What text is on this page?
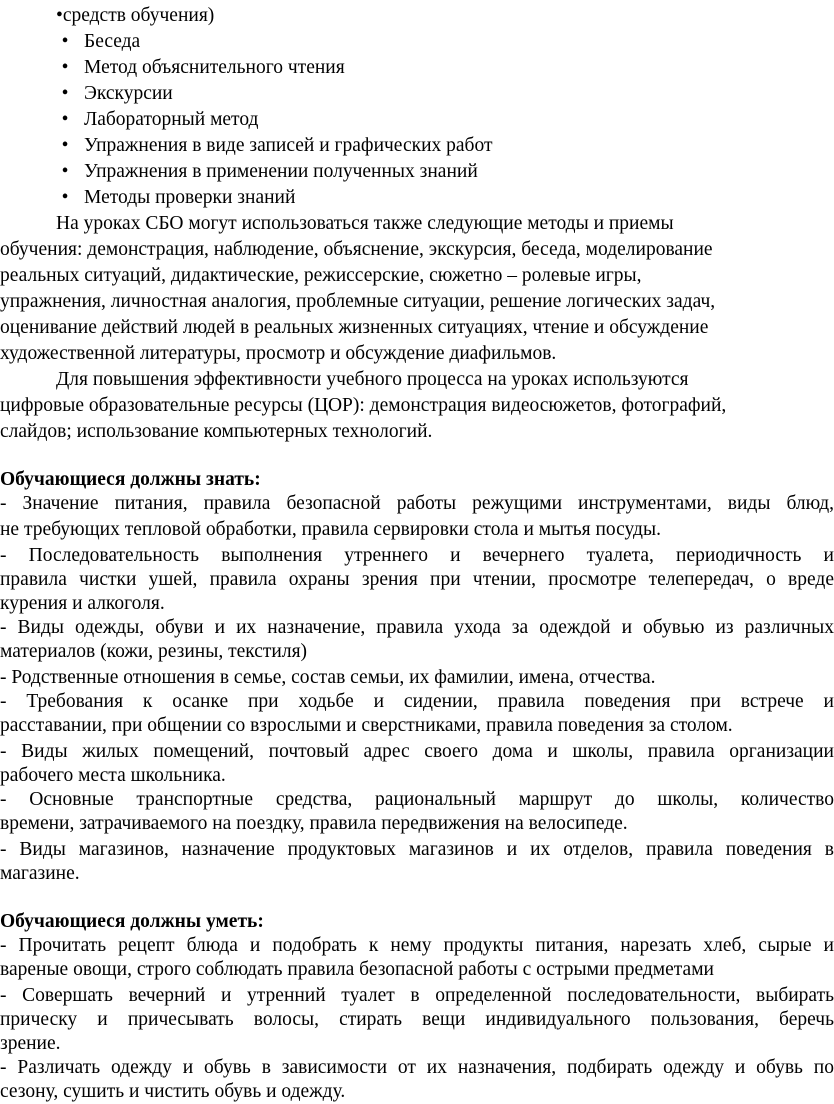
•средств обучения)
• Беседа
• Метод объяснительного чтения
• Экскурсии
• Лабораторный метод
• Упражнения в виде записей и графических работ
• Упражнения в применении полученных знаний
• Методы проверки знаний
На уроках СБО могут использоваться также следующие методы и приемы
обучения: демонстрация, наблюдение, объяснение, экскурсия, беседа, моделирование
реальных ситуаций, дидактические, режиссерские, сюжетно – ролевые игры,
упражнения, личностная аналогия, проблемные ситуации, решение логических задач,
оценивание действий людей в реальных жизненных ситуациях, чтение и обсуждение
художественной литературы, просмотр и обсуждение диафильмов.
Для повышения эффективности учебного процесса на уроках используются
цифровые образовательные ресурсы (ЦОР): демонстрация видеосюжетов, фотографий,
слайдов; использование компьютерных технологий.
Обучающиеся должны знать:
- Значение питания, правила безопасной работы режущими инструментами, виды блюд,
не требующих тепловой обработки, правила сервировки стола и мытья посуды.
- Последовательность выполнения утреннего и вечернего туалета, периодичность и
правила чистки ушей, правила охраны зрения при чтении, просмотре телепередач, о вреде
курения и алкоголя.
- Виды одежды, обуви и их назначение, правила ухода за одеждой и обувью из различных
материалов (кожи, резины, текстиля)
- Родственные отношения в семье, состав семьи, их фамилии, имена, отчества.
- Требования к осанке при ходьбе и сидении, правила поведения при встрече и
расставании, при общении со взрослыми и сверстниками, правила поведения за столом.
- Виды жилых помещений, почтовый адрес своего дома и школы, правила организации
рабочего места школьника.
- Основные транспортные средства, рациональный маршрут до школы, количество
времени, затрачиваемого на поездку, правила передвижения на велосипеде.
- Виды магазинов, назначение продуктовых магазинов и их отделов, правила поведения в
магазине.
Обучающиеся должны уметь:
- Прочитать рецепт блюда и подобрать к нему продукты питания, нарезать хлеб, сырые и
вареные овощи, строго соблюдать правила безопасной работы с острыми предметами
- Совершать вечерний и утренний туалет в определенной последовательности, выбирать
прическу и причесывать волосы, стирать вещи индивидуального пользования, беречь
зрение.
- Различать одежду и обувь в зависимости от их назначения, подбирать одежду и обувь по
сезону, сушить и чистить обувь и одежду.
